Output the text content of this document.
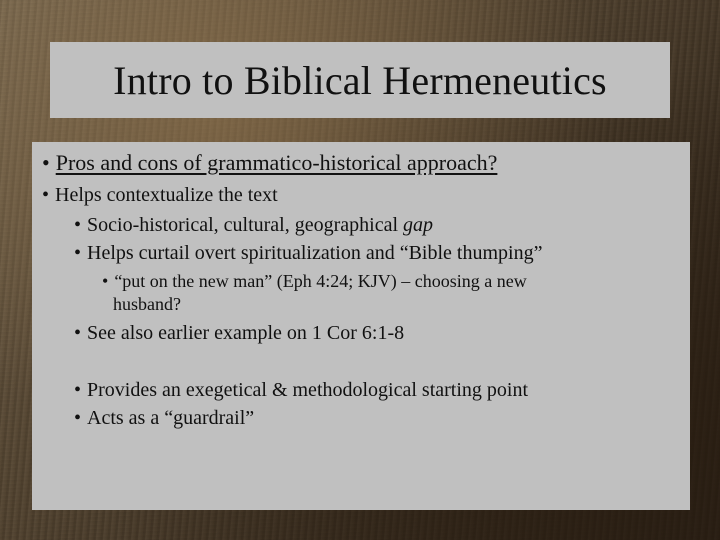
Intro to Biblical Hermeneutics
• Pros and cons of grammatico-historical approach?
• Helps contextualize the text
• Socio-historical, cultural, geographical gap
• Helps curtail overt spiritualization and “Bible thumping”
• “put on the new man” (Eph 4:24; KJV) – choosing a new
husband?
• See also earlier example on 1 Cor 6:1-8
• Provides an exegetical & methodological starting point
• Acts as a “guardrail”
